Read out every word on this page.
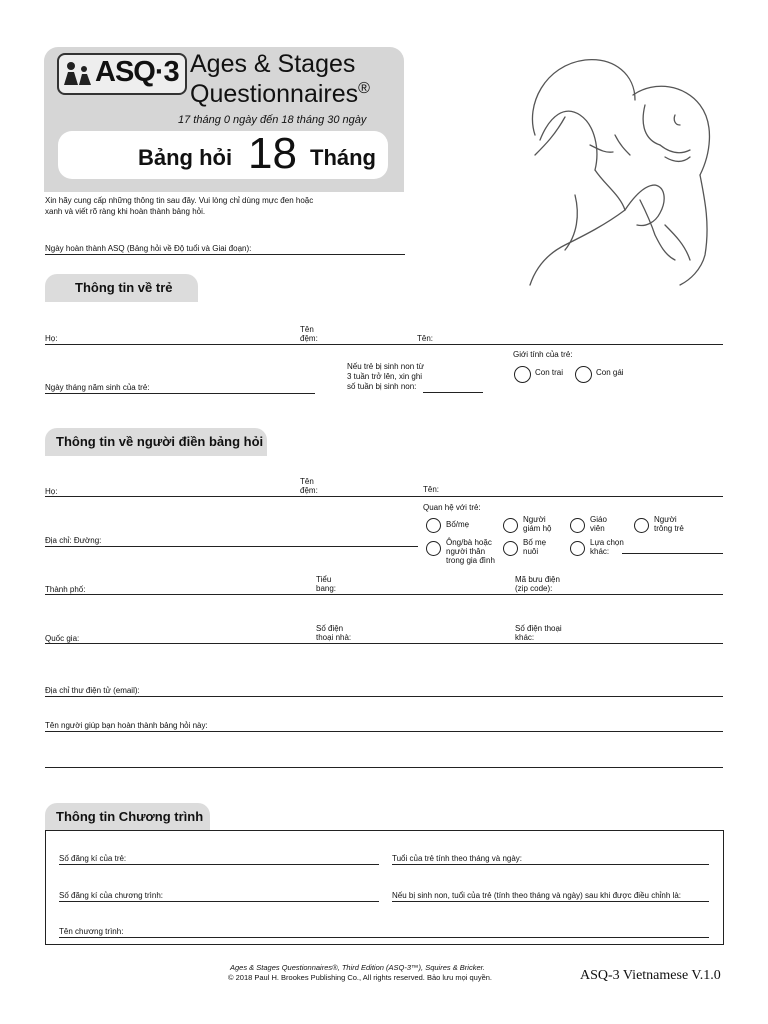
ASQ·3 Ages & Stages
Questionnaires®
17 tháng 0 ngày đến 18 tháng 30 ngày
Bảng hỏi 18 Tháng
Xin hãy cung cấp những thông tin sau đây. Vui lòng chỉ dùng mực đen hoặc
xanh và viết rõ ràng khi hoàn thành bảng hỏi.
Ngày hoàn thành ASQ (Bảng hỏi về Độ tuổi và Giai đoạn):
Thông tin về trẻ
Họ:
Tên đệm:	Tên:
Ngày tháng năm sinh của trẻ:
Nếu trẻ bị sinh non từ
3 tuần trở lên, xin ghi
số tuần bị sinh non:
Giới tính của trẻ:
Con trai	Con gái
Thông tin về người điền bảng hỏi
Họ:
Tên đệm:	Tên:
Địa chỉ: Đường:
Quan hệ với trẻ:
Bố/mẹ
Người giám hộ
Giáo viên
Người trông trẻ
Ông/bà hoặc người thân trong gia đình
Bố mẹ nuôi
Lựa chọn khác:
Thành phố:
Tiểu bang:
Mã bưu điện (zip code):
Quốc gia:
Số điện thoại nhà:
Số điện thoại khác:
Địa chỉ thư điện tử (email):
Tên người giúp bạn hoàn thành bảng hỏi này:
Thông tin Chương trình
Số đăng kí của trẻ:	Tuổi của trẻ tính theo tháng và ngày:
Số đăng kí của chương trình:	Nếu bị sinh non, tuổi của trẻ (tính theo tháng và ngày) sau khi được điều chỉnh là:
Tên chương trình:
Ages & Stages Questionnaires®, Third Edition (ASQ-3™), Squires & Bricker.
© 2018 Paul H. Brookes Publishing Co., All rights reserved. Bảo lưu mọi quyền.	ASQ-3 Vietnamese V.1.0
